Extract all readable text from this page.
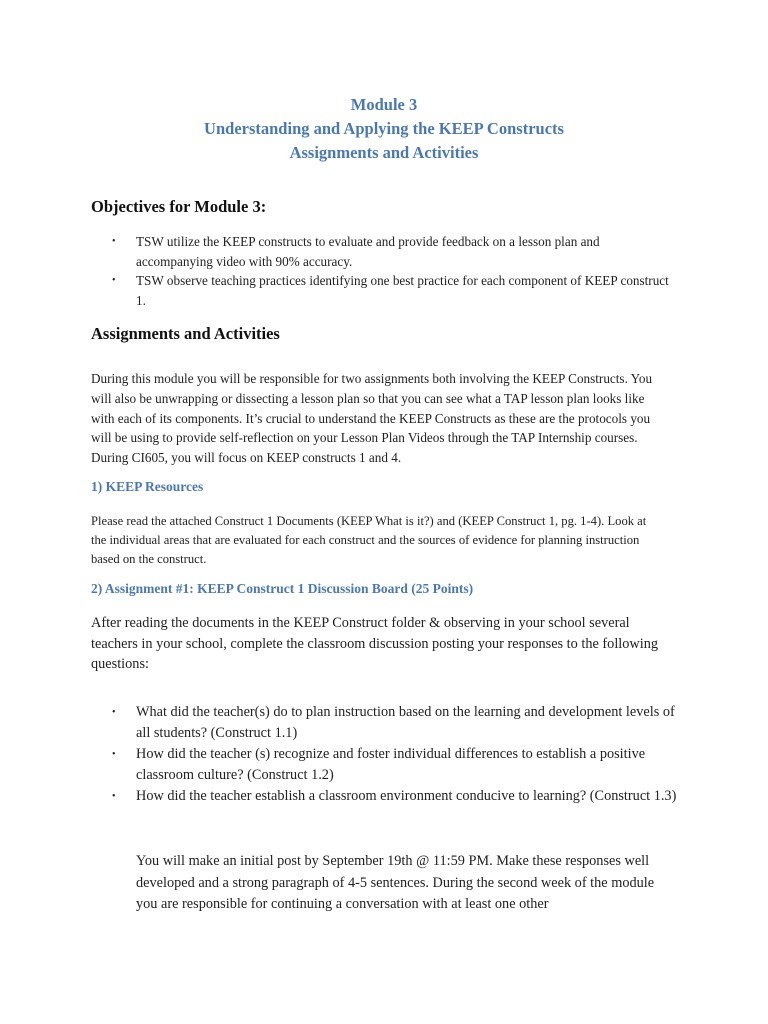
Module 3
Understanding and Applying the KEEP Constructs
Assignments and Activities
Objectives for Module 3:
• TSW utilize the KEEP constructs to evaluate and provide feedback on a lesson plan and accompanying video with 90% accuracy.
• TSW observe teaching practices identifying one best practice for each component of KEEP construct 1.
Assignments and Activities
During this module you will be responsible for two assignments both involving the KEEP Constructs. You will also be unwrapping or dissecting a lesson plan so that you can see what a TAP lesson plan looks like with each of its components. It’s crucial to understand the KEEP Constructs as these are the protocols you will be using to provide self-reflection on your Lesson Plan Videos through the TAP Internship courses. During CI605, you will focus on KEEP constructs 1 and 4.
1) KEEP Resources
Please read the attached Construct 1 Documents (KEEP What is it?) and (KEEP Construct 1, pg. 1-4). Look at the individual areas that are evaluated for each construct and the sources of evidence for planning instruction based on the construct.
2) Assignment #1: KEEP Construct 1 Discussion Board (25 Points)
After reading the documents in the KEEP Construct folder & observing in your school several teachers in your school, complete the classroom discussion posting your responses to the following questions:
• What did the teacher(s) do to plan instruction based on the learning and development levels of all students? (Construct 1.1)
• How did the teacher (s) recognize and foster individual differences to establish a positive classroom culture? (Construct 1.2)
• How did the teacher establish a classroom environment conducive to learning? (Construct 1.3)
You will make an initial post by September 19th @ 11:59 PM. Make these responses well developed and a strong paragraph of 4-5 sentences. During the second week of the module you are responsible for continuing a conversation with at least one other
